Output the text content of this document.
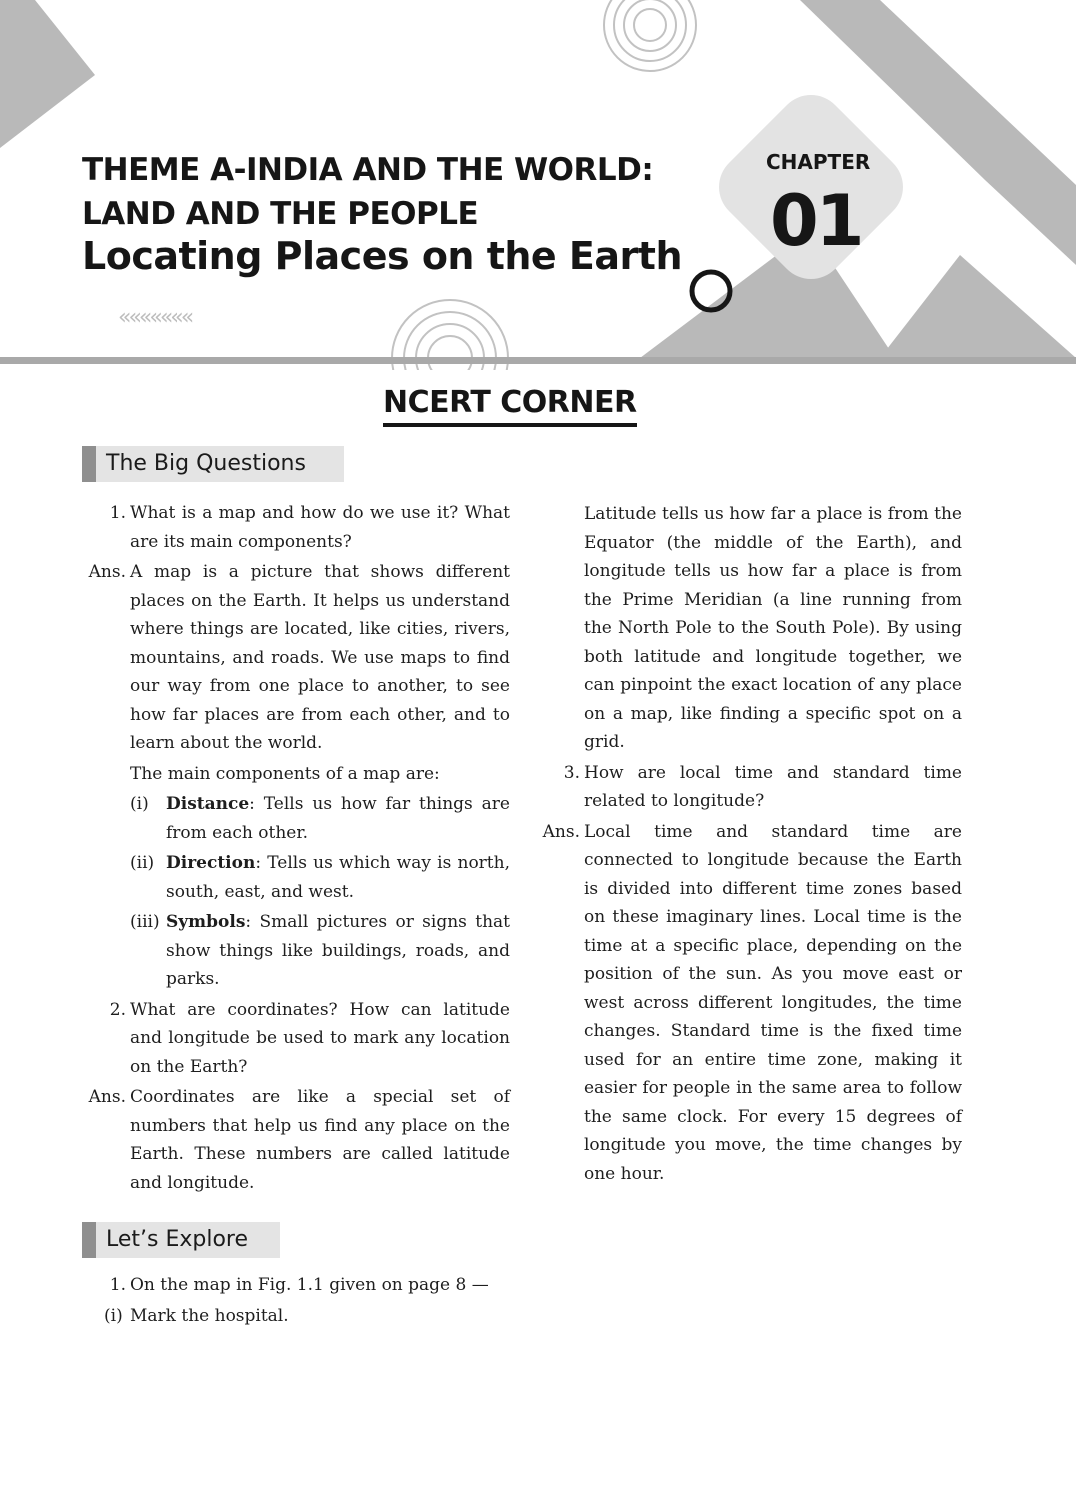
«««««««
THEME A-INDIA AND THE WORLD:
LAND AND THE PEOPLE
Locating Places on the Earth
CHAPTER
01
NCERT CORNER
The Big Questions
1. What is a map and how do we use it? What are its main components?
Ans. A map is a picture that shows different places on the Earth. It helps us understand where things are located, like cities, rivers, mountains, and roads. We use maps to find our way from one place to another, to see how far places are from each other, and to learn about the world.
The main components of a map are:
(i)	Distance: Tells us how far things are from each other.
(ii) Direction: Tells us which way is north, south, east, and west.
(iii) Symbols: Small pictures or signs that show things like buildings, roads, and parks.
2. What are coordinates? How can latitude and longitude be used to mark any location on the Earth?
Ans. Coordinates are like a special set of numbers that help us find any place on the Earth. These numbers are called latitude and longitude.
Latitude tells us how far a place is from the Equator (the middle of the Earth), and longitude tells us how far a place is from the Prime Meridian (a line running from the North Pole to the South Pole). By using both latitude and longitude together, we can pinpoint the exact location of any place on a map, like finding a specific spot on a grid.
3. How are local time and standard time related to longitude?
Ans. Local time and standard time are connected to longitude because the Earth is divided into different time zones based on these imaginary lines. Local time is the time at a specific place, depending on the position of the sun. As you move east or west across different longitudes, the time changes. Standard time is the fixed time used for an entire time zone, making it easier for people in the same area to follow the same clock. For every 15 degrees of longitude you move, the time changes by one hour.
Let’s Explore
1. On the map in Fig. 1.1 given on page 8 —
(i) Mark the hospital.
